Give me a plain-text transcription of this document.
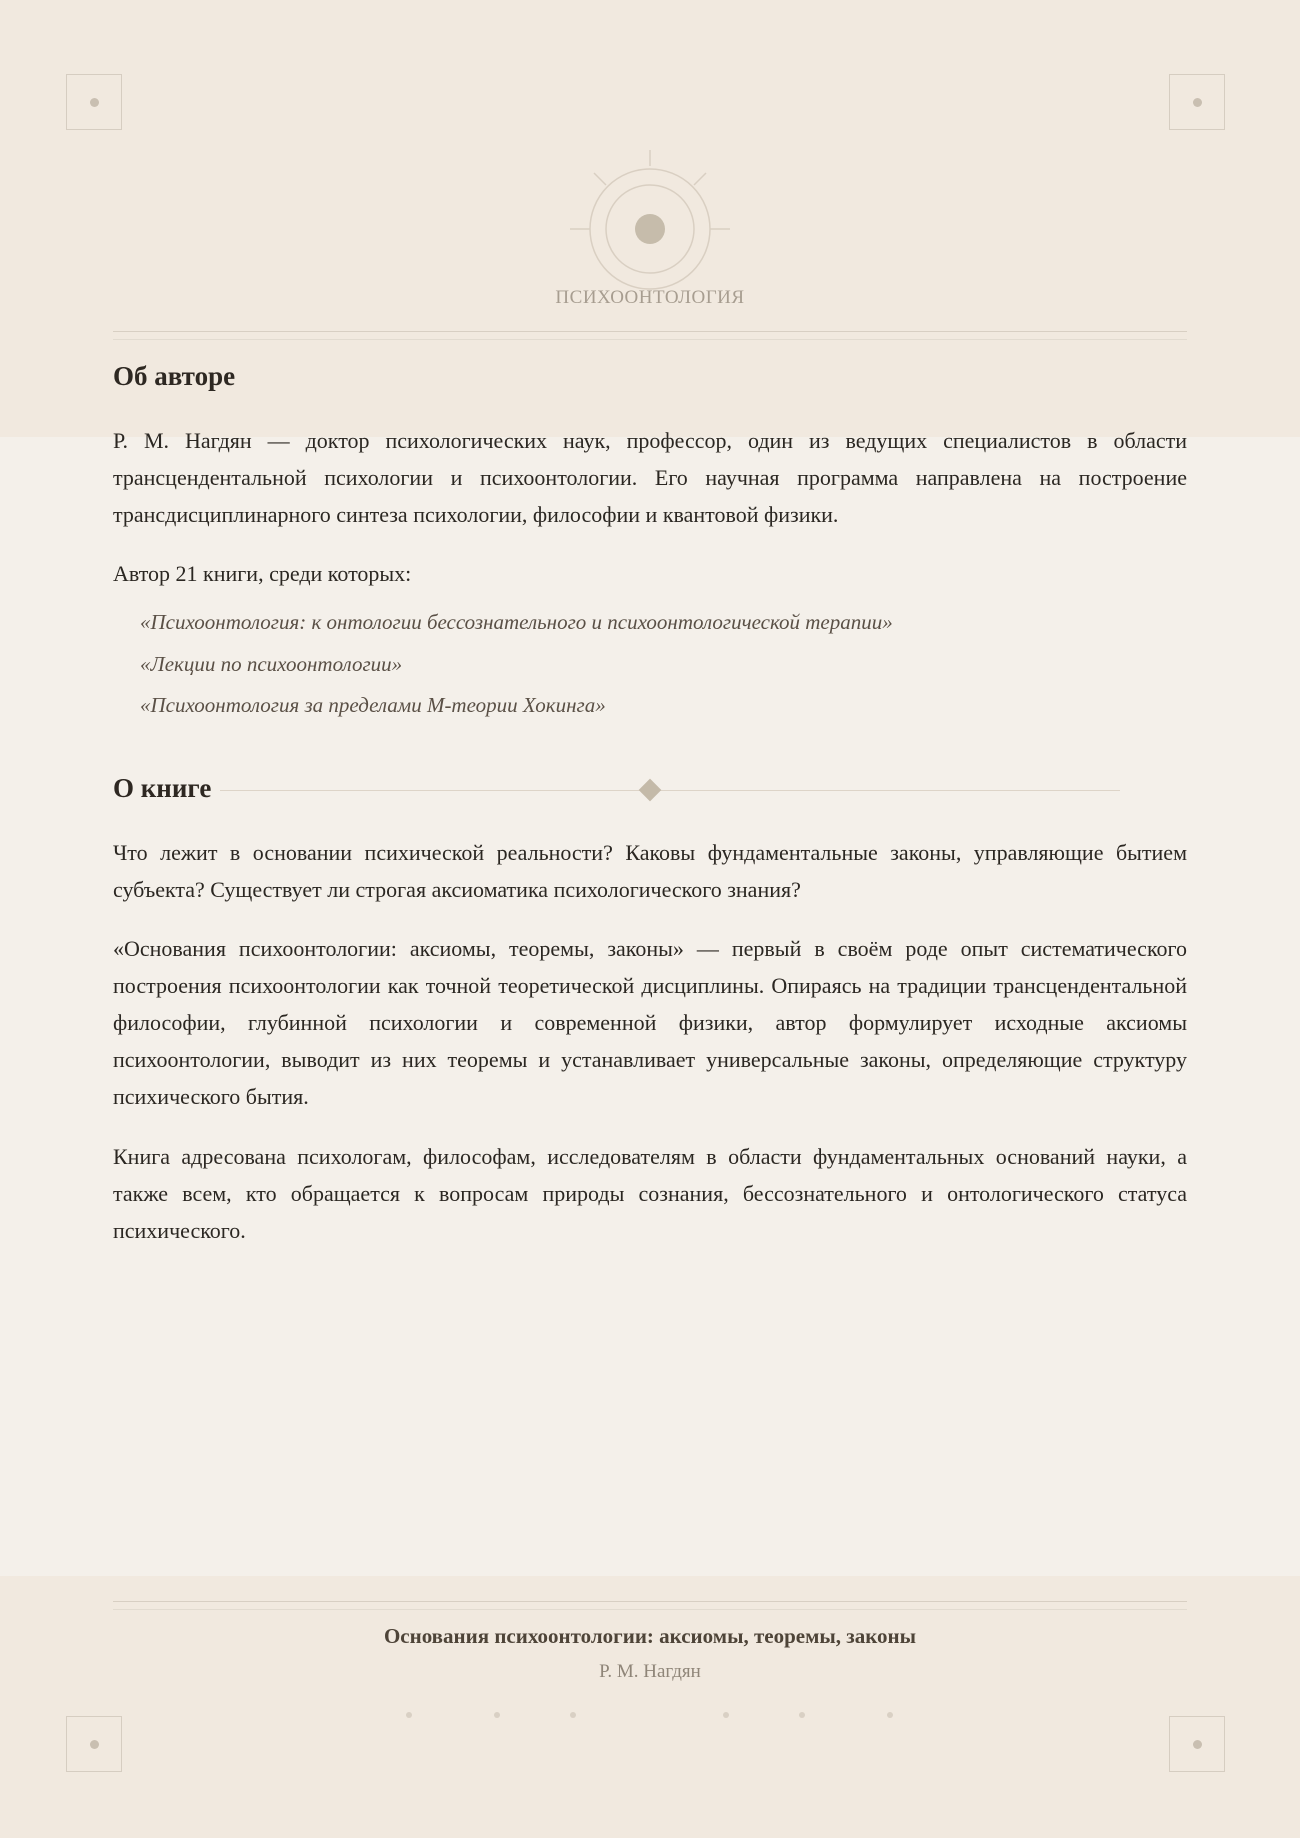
ПСИХООНТОЛОГИЯ
Об авторе

Р. М. Нагдян — доктор психологических наук, профессор, один из ведущих специалистов в области трансцендентальной психологии и психоонтологии. Его научная программа направлена на построение трансдисциплинарного синтеза психологии, философии и квантовой физики.

Автор 21 книги, среди которых:

«Психоонтология: к онтологии бессознательного и психоонтологической терапии»
«Лекции по психоонтологии»
«Психоонтология за пределами М-теории Хокинга»
О книге

Что лежит в основании психической реальности? Каковы фундаментальные законы, управляющие бытием субъекта? Существует ли строгая аксиоматика психологического знания?

«Основания психоонтологии: аксиомы, теоремы, законы» — первый в своём роде опыт систематического построения психоонтологии как точной теоретической дисциплины. Опираясь на традиции трансцендентальной философии, глубинной психологии и современной физики, автор формулирует исходные аксиомы психоонтологии, выводит из них теоремы и устанавливает универсальные законы, определяющие структуру психического бытия.

Книга адресована психологам, философам, исследователям в области фундаментальных оснований науки, а также всем, кто обращается к вопросам природы сознания, бессознательного и онтологического статуса психического.

Основания психоонтологии: аксиомы, теоремы, законы
Р. М. Нагдян
